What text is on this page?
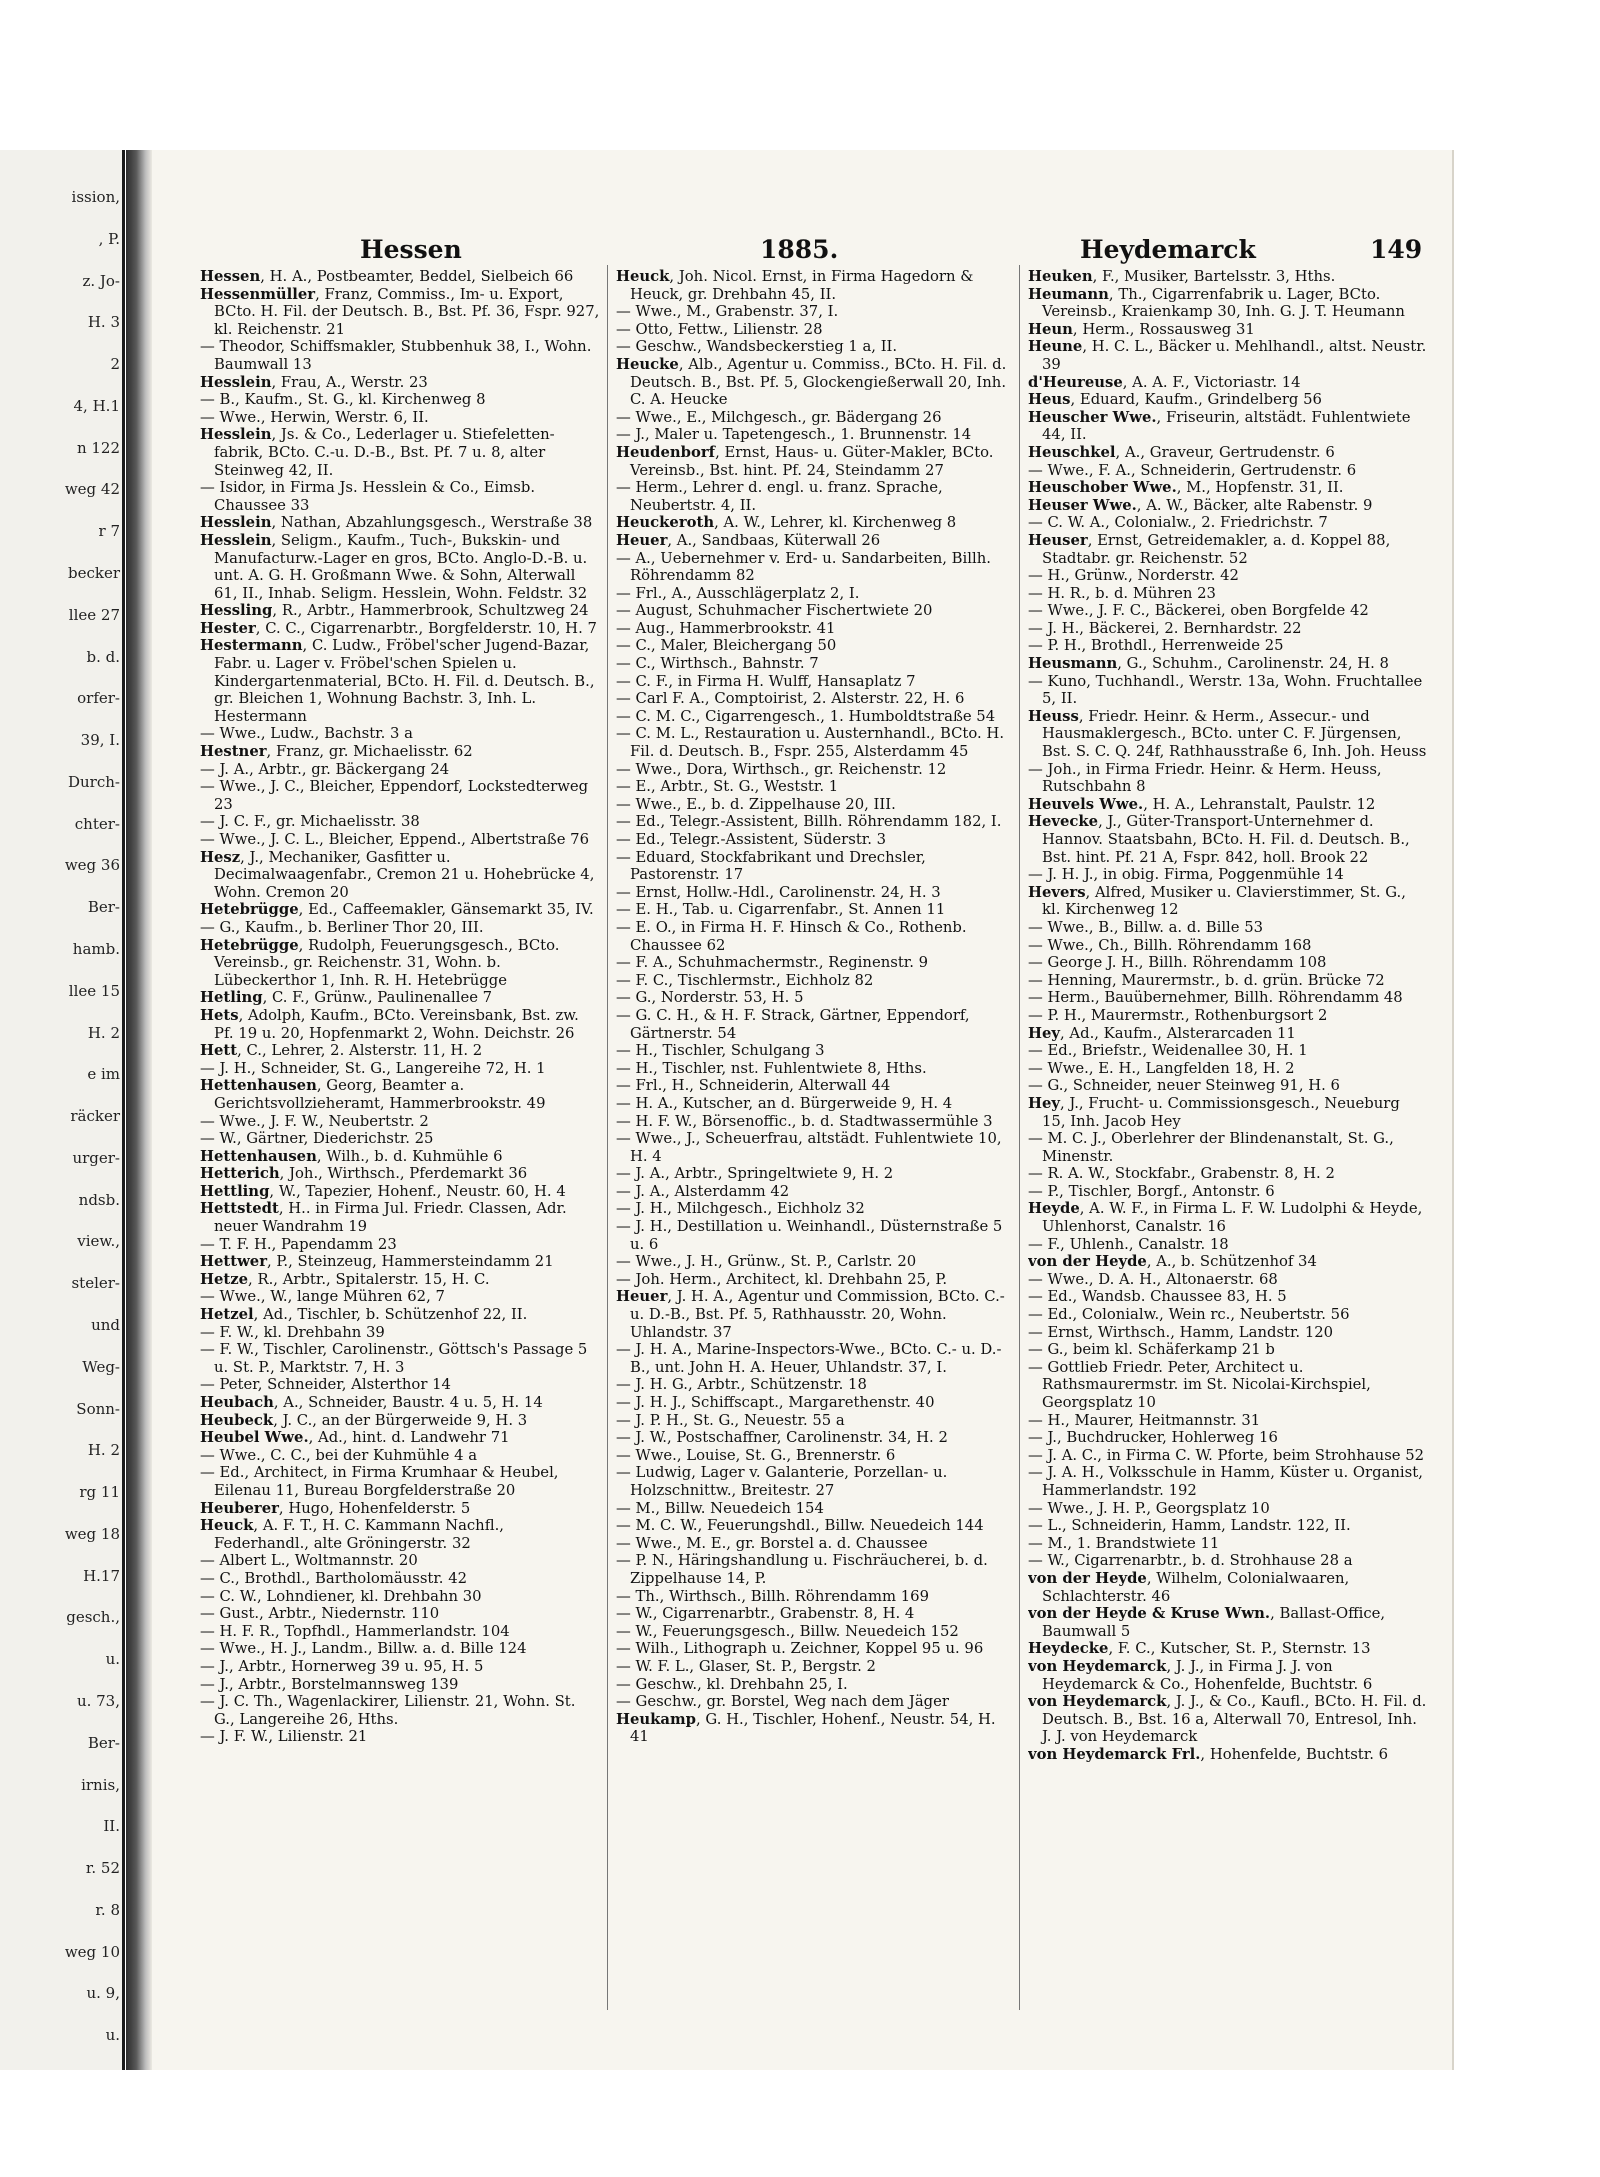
ission,
, P.
z. Jo-
H. 3
2
4, H.1
n 122
weg 42
r 7
becker
llee 27
b. d.
orfer-
39, I.
Durch-
chter-
weg 36
Ber-
hamb.
llee 15
H. 2
e im
räcker
urger-
ndsb.
view.,
steler-
und
Weg-
Sonn-
H. 2
rg 11
weg 18
H.17
gesch.,
u.
u. 73,
Ber-
irnis,
II.
r. 52
r. 8
weg 10
u. 9,
u.
Hessen	1885.	Heydemarck	149

Hessen, H. A., Postbeamter, Beddel, Sielbeich 66

Hessenmüller, Franz, Commiss., Im- u. Export, BCto. H. Fil. der Deutsch. B., Bst. Pf. 36, Fspr. 927, kl. Reichenstr. 21

— Theodor, Schiffsmakler, Stubbenhuk 38, I., Wohn. Baumwall 13

Hesslein, Frau, A., Werstr. 23

— B., Kaufm., St. G., kl. Kirchenweg 8

— Wwe., Herwin, Werstr. 6, II.

Hesslein, Js. & Co., Lederlager u. Stiefeletten-fabrik, BCto. C.-u. D.-B., Bst. Pf. 7 u. 8, alter Steinweg 42, II.

— Isidor, in Firma Js. Hesslein & Co., Eimsb. Chaussee 33

Hesslein, Nathan, Abzahlungsgesch., Werstraße 38

Hesslein, Seligm., Kaufm., Tuch-, Bukskin- und Manufacturw.-Lager en gros, BCto. Anglo-D.-B. u. unt. A. G. H. Großmann Wwe. & Sohn, Alterwall 61, II., Inhab. Seligm. Hesslein, Wohn. Feldstr. 32

Hessling, R., Arbtr., Hammerbrook, Schultzweg 24

Hester, C. C., Cigarrenarbtr., Borgfelderstr. 10, H. 7

Hestermann, C. Ludw., Fröbel'scher Jugend-Bazar, Fabr. u. Lager v. Fröbel'schen Spielen u. Kindergartenmaterial, BCto. H. Fil. d. Deutsch. B., gr. Bleichen 1, Wohnung Bachstr. 3, Inh. L. Hestermann

— Wwe., Ludw., Bachstr. 3 a

Hestner, Franz, gr. Michaelisstr. 62

— J. A., Arbtr., gr. Bäckergang 24

— Wwe., J. C., Bleicher, Eppendorf, Lockstedterweg 23

— J. C. F., gr. Michaelisstr. 38

— Wwe., J. C. L., Bleicher, Eppend., Albertstraße 76

Hesz, J., Mechaniker, Gasfitter u. Decimalwaagenfabr., Cremon 21 u. Hohebrücke 4, Wohn. Cremon 20

Hetebrügge, Ed., Caffeemakler, Gänsemarkt 35, IV.

— G., Kaufm., b. Berliner Thor 20, III.

Hetebrügge, Rudolph, Feuerungsgesch., BCto. Vereinsb., gr. Reichenstr. 31, Wohn. b. Lübeckerthor 1, Inh. R. H. Hetebrügge

Hetling, C. F., Grünw., Paulinenallee 7

Hets, Adolph, Kaufm., BCto. Vereinsbank, Bst. zw. Pf. 19 u. 20, Hopfenmarkt 2, Wohn. Deichstr. 26

Hett, C., Lehrer, 2. Alsterstr. 11, H. 2

— J. H., Schneider, St. G., Langereihe 72, H. 1

Hettenhausen, Georg, Beamter a. Gerichtsvollzieheramt, Hammerbrookstr. 49

— Wwe., J. F. W., Neubertstr. 2

— W., Gärtner, Diederichstr. 25

Hettenhausen, Wilh., b. d. Kuhmühle 6

Hetterich, Joh., Wirthsch., Pferdemarkt 36

Hettling, W., Tapezier, Hohenf., Neustr. 60, H. 4

Hettstedt, H.. in Firma Jul. Friedr. Classen, Adr. neuer Wandrahm 19

— T. F. H., Papendamm 23

Hettwer, P., Steinzeug, Hammersteindamm 21

Hetze, R., Arbtr., Spitalerstr. 15, H. C.

— Wwe., W., lange Mühren 62, 7

Hetzel, Ad., Tischler, b. Schützenhof 22, II.

— F. W., kl. Drehbahn 39

— F. W., Tischler, Carolinenstr., Göttsch's Passage 5 u. St. P., Marktstr. 7, H. 3

— Peter, Schneider, Alsterthor 14

Heubach, A., Schneider, Baustr. 4 u. 5, H. 14

Heubeck, J. C., an der Bürgerweide 9, H. 3

Heubel Wwe., Ad., hint. d. Landwehr 71

— Wwe., C. C., bei der Kuhmühle 4 a

— Ed., Architect, in Firma Krumhaar & Heubel, Eilenau 11, Bureau Borgfelderstraße 20

Heuberer, Hugo, Hohenfelderstr. 5

Heuck, A. F. T., H. C. Kammann Nachfl., Federhandl., alte Gröningerstr. 32

— Albert L., Woltmannstr. 20

— C., Brothdl., Bartholomäusstr. 42

— C. W., Lohndiener, kl. Drehbahn 30

— Gust., Arbtr., Niedernstr. 110

— H. F. R., Topfhdl., Hammerlandstr. 104

— Wwe., H. J., Landm., Billw. a. d. Bille 124

— J., Arbtr., Hornerweg 39 u. 95, H. 5

— J., Arbtr., Borstelmannsweg 139

— J. C. Th., Wagenlackirer, Lilienstr. 21, Wohn. St. G., Langereihe 26, Hths.

— J. F. W., Lilienstr. 21

Heuck, Joh. Nicol. Ernst, in Firma Hagedorn & Heuck, gr. Drehbahn 45, II.

— Wwe., M., Grabenstr. 37, I.

— Otto, Fettw., Lilienstr. 28

— Geschw., Wandsbeckerstieg 1 a, II.

Heucke, Alb., Agentur u. Commiss., BCto. H. Fil. d. Deutsch. B., Bst. Pf. 5, Glockengießerwall 20, Inh. C. A. Heucke

— Wwe., E., Milchgesch., gr. Bädergang 26

— J., Maler u. Tapetengesch., 1. Brunnenstr. 14

Heudenborf, Ernst, Haus- u. Güter-Makler, BCto. Vereinsb., Bst. hint. Pf. 24, Steindamm 27

— Herm., Lehrer d. engl. u. franz. Sprache, Neubertstr. 4, II.

Heuckeroth, A. W., Lehrer, kl. Kirchenweg 8

Heuer, A., Sandbaas, Küterwall 26

— A., Uebernehmer v. Erd- u. Sandarbeiten, Billh. Röhrendamm 82

— Frl., A., Ausschlägerplatz 2, I.

— August, Schuhmacher Fischertwiete 20

— Aug., Hammerbrookstr. 41

— C., Maler, Bleichergang 50

— C., Wirthsch., Bahnstr. 7

— C. F., in Firma H. Wulff, Hansaplatz 7

— Carl F. A., Comptoirist, 2. Alsterstr. 22, H. 6

— C. M. C., Cigarrengesch., 1. Humboldtstraße 54

— C. M. L., Restauration u. Austernhandl., BCto. H. Fil. d. Deutsch. B., Fspr. 255, Alsterdamm 45

— Wwe., Dora, Wirthsch., gr. Reichenstr. 12

— E., Arbtr., St. G., Weststr. 1

— Wwe., E., b. d. Zippelhause 20, III.

— Ed., Telegr.-Assistent, Billh. Röhrendamm 182, I.

— Ed., Telegr.-Assistent, Süderstr. 3

— Eduard, Stockfabrikant und Drechsler, Pastorenstr. 17

— Ernst, Hollw.-Hdl., Carolinenstr. 24, H. 3

— E. H., Tab. u. Cigarrenfabr., St. Annen 11

— E. O., in Firma H. F. Hinsch & Co., Rothenb. Chaussee 62

— F. A., Schuhmachermstr., Reginenstr. 9

— F. C., Tischlermstr., Eichholz 82

— G., Norderstr. 53, H. 5

— G. C. H., & H. F. Strack, Gärtner, Eppendorf, Gärtnerstr. 54

— H., Tischler, Schulgang 3

— H., Tischler, nst. Fuhlentwiete 8, Hths.

— Frl., H., Schneiderin, Alterwall 44

— H. A., Kutscher, an d. Bürgerweide 9, H. 4

— H. F. W., Börsenoffic., b. d. Stadtwassermühle 3

— Wwe., J., Scheuerfrau, altstädt. Fuhlentwiete 10, H. 4

— J. A., Arbtr., Springeltwiete 9, H. 2

— J. A., Alsterdamm 42

— J. H., Milchgesch., Eichholz 32

— J. H., Destillation u. Weinhandl., Düsternstraße 5 u. 6

— Wwe., J. H., Grünw., St. P., Carlstr. 20

— Joh. Herm., Architect, kl. Drehbahn 25, P.

Heuer, J. H. A., Agentur und Commission, BCto. C.- u. D.-B., Bst. Pf. 5, Rathhausstr. 20, Wohn. Uhlandstr. 37

— J. H. A., Marine-Inspectors-Wwe., BCto. C.- u. D.-B., unt. John H. A. Heuer, Uhlandstr. 37, I.

— J. H. G., Arbtr., Schützenstr. 18

— J. H. J., Schiffscapt., Margarethenstr. 40

— J. P. H., St. G., Neuestr. 55 a

— J. W., Postschaffner, Carolinenstr. 34, H. 2

— Wwe., Louise, St. G., Brennerstr. 6

— Ludwig, Lager v. Galanterie, Porzellan- u. Holzschnittw., Breitestr. 27

— M., Billw. Neuedeich 154

— M. C. W., Feuerungshdl., Billw. Neuedeich 144

— Wwe., M. E., gr. Borstel a. d. Chaussee

— P. N., Häringshandlung u. Fischräucherei, b. d. Zippelhause 14, P.

— Th., Wirthsch., Billh. Röhrendamm 169

— W., Cigarrenarbtr., Grabenstr. 8, H. 4

— W., Feuerungsgesch., Billw. Neuedeich 152

— Wilh., Lithograph u. Zeichner, Koppel 95 u. 96

— W. F. L., Glaser, St. P., Bergstr. 2

— Geschw., kl. Drehbahn 25, I.

— Geschw., gr. Borstel, Weg nach dem Jäger

Heukamp, G. H., Tischler, Hohenf., Neustr. 54, H. 41

Heuken, F., Musiker, Bartelsstr. 3, Hths.

Heumann, Th., Cigarrenfabrik u. Lager, BCto. Vereinsb., Kraienkamp 30, Inh. G. J. T. Heumann

Heun, Herm., Rossausweg 31

Heune, H. C. L., Bäcker u. Mehlhandl., altst. Neustr. 39

d'Heureuse, A. A. F., Victoriastr. 14

Heus, Eduard, Kaufm., Grindelberg 56

Heuscher Wwe., Friseurin, altstädt. Fuhlentwiete 44, II.

Heuschkel, A., Graveur, Gertrudenstr. 6

— Wwe., F. A., Schneiderin, Gertrudenstr. 6

Heuschober Wwe., M., Hopfenstr. 31, II.

Heuser Wwe., A. W., Bäcker, alte Rabenstr. 9

— C. W. A., Colonialw., 2. Friedrichstr. 7

Heuser, Ernst, Getreidemakler, a. d. Koppel 88, Stadtabr. gr. Reichenstr. 52

— H., Grünw., Norderstr. 42

— H. R., b. d. Mühren 23

— Wwe., J. F. C., Bäckerei, oben Borgfelde 42

— J. H., Bäckerei, 2. Bernhardstr. 22

— P. H., Brothdl., Herrenweide 25

Heusmann, G., Schuhm., Carolinenstr. 24, H. 8

— Kuno, Tuchhandl., Werstr. 13a, Wohn. Fruchtallee 5, II.

Heuss, Friedr. Heinr. & Herm., Assecur.- und Hausmaklergesch., BCto. unter C. F. Jürgensen, Bst. S. C. Q. 24f, Rathhausstraße 6, Inh. Joh. Heuss

— Joh., in Firma Friedr. Heinr. & Herm. Heuss, Rutschbahn 8

Heuvels Wwe., H. A., Lehranstalt, Paulstr. 12

Hevecke, J., Güter-Transport-Unternehmer d. Hannov. Staatsbahn, BCto. H. Fil. d. Deutsch. B., Bst. hint. Pf. 21 A, Fspr. 842, holl. Brook 22

— J. H. J., in obig. Firma, Poggenmühle 14

Hevers, Alfred, Musiker u. Clavierstimmer, St. G., kl. Kirchenweg 12

— Wwe., B., Billw. a. d. Bille 53

— Wwe., Ch., Billh. Röhrendamm 168

— George J. H., Billh. Röhrendamm 108

— Henning, Maurermstr., b. d. grün. Brücke 72

— Herm., Bauübernehmer, Billh. Röhrendamm 48

— P. H., Maurermstr., Rothenburgsort 2

Hey, Ad., Kaufm., Alsterarcaden 11

— Ed., Briefstr., Weidenallee 30, H. 1

— Wwe., E. H., Langfelden 18, H. 2

— G., Schneider, neuer Steinweg 91, H. 6

Hey, J., Frucht- u. Commissionsgesch., Neueburg 15, Inh. Jacob Hey

— M. C. J., Oberlehrer der Blindenanstalt, St. G., Minenstr.

— R. A. W., Stockfabr., Grabenstr. 8, H. 2

— P., Tischler, Borgf., Antonstr. 6

Heyde, A. W. F., in Firma L. F. W. Ludolphi & Heyde, Uhlenhorst, Canalstr. 16

— F., Uhlenh., Canalstr. 18

von der Heyde, A., b. Schützenhof 34

— Wwe., D. A. H., Altonaerstr. 68

— Ed., Wandsb. Chaussee 83, H. 5

— Ed., Colonialw., Wein rc., Neubertstr. 56

— Ernst, Wirthsch., Hamm, Landstr. 120

— G., beim kl. Schäferkamp 21 b

— Gottlieb Friedr. Peter, Architect u. Rathsmaurermstr. im St. Nicolai-Kirchspiel, Georgsplatz 10

— H., Maurer, Heitmannstr. 31

— J., Buchdrucker, Hohlerweg 16

— J. A. C., in Firma C. W. Pforte, beim Strohhause 52

— J. A. H., Volksschule in Hamm, Küster u. Organist, Hammerlandstr. 192

— Wwe., J. H. P., Georgsplatz 10

— L., Schneiderin, Hamm, Landstr. 122, II.

— M., 1. Brandstwiete 11

— W., Cigarrenarbtr., b. d. Strohhause 28 a

von der Heyde, Wilhelm, Colonialwaaren, Schlachterstr. 46

von der Heyde & Kruse Wwn., Ballast-Office, Baumwall 5

Heydecke, F. C., Kutscher, St. P., Sternstr. 13

von Heydemarck, J. J., in Firma J. J. von Heydemarck & Co., Hohenfelde, Buchtstr. 6

von Heydemarck, J. J., & Co., Kaufl., BCto. H. Fil. d. Deutsch. B., Bst. 16 a, Alterwall 70, Entresol, Inh. J. J. von Heydemarck

von Heydemarck Frl., Hohenfelde, Buchtstr. 6
